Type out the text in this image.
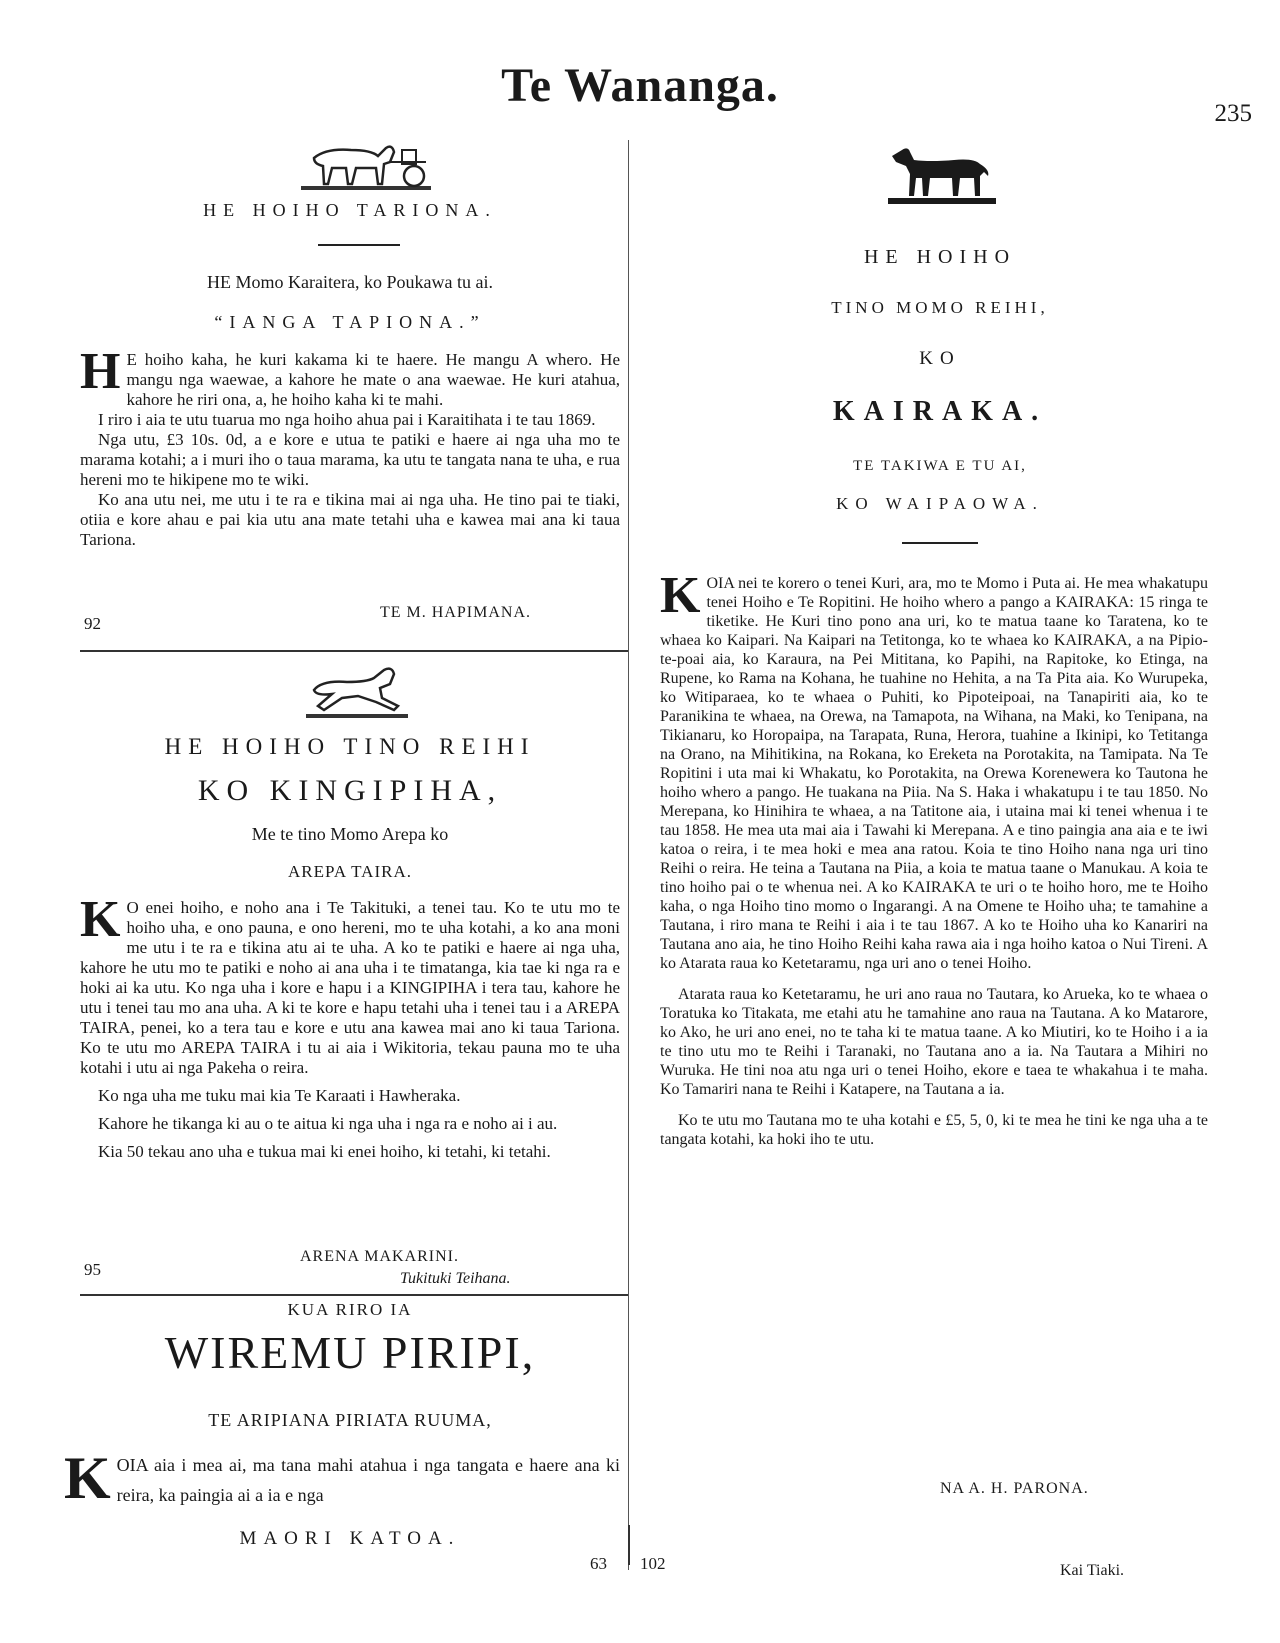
Te Wananga.
235
HE HOIHO TARIONA.
HE Momo Karaitera, ko Poukawa tu ai.
“IANGA TAPIONA.”
H E hoiho kaha, he kuri kakama ki te haere. He mangu A whero. He mangu nga waewae, a kahore he mate o ana waewae. He kuri atahua, kahore he riri ona, a, he hoiho kaha ki te mahi.

I riro i aia te utu tuarua mo nga hoiho ahua pai i Karaitihata i te tau 1869.

Nga utu, £3 10s. 0d, a e kore e utua te patiki e haere ai nga uha mo te marama kotahi; a i muri iho o taua marama, ka utu te tangata nana te uha, e rua hereni mo te hikipene mo te wiki.

Ko ana utu nei, me utu i te ra e tikina mai ai nga uha. He tino pai te tiaki, otiia e kore ahau e pai kia utu ana mate tetahi uha e kawea mai ana ki taua Tariona.

TE M. HAPIMANA.
92
HE HOIHO TINO REIHI
KO KINGIPIHA,
Me te tino Momo Arepa ko
AREPA TAIRA.
K O enei hoiho, e noho ana i Te Takituki, a tenei tau. Ko te utu mo te hoiho uha, e ono pauna, e ono hereni, mo te uha kotahi, a ko ana moni me utu i te ra e tikina atu ai te uha. A ko te patiki e haere ai nga uha, kahore he utu mo te patiki e noho ai ana uha i te timatanga, kia tae ki nga ra e hoki ai ka utu. Ko nga uha i kore e hapu i a KINGIPIHA i tera tau, kahore he utu i tenei tau mo ana uha. A ki te kore e hapu tetahi uha i tenei tau i a AREPA TAIRA, penei, ko a tera tau e kore e utu ana kawea mai ano ki taua Tariona. Ko te utu mo AREPA TAIRA i tu ai aia i Wikitoria, tekau pauna mo te uha kotahi i utu ai nga Pakeha o reira.

Ko nga uha me tuku mai kia Te Karaati i Hawheraka.

Kahore he tikanga ki au o te aitua ki nga uha i nga ra e noho ai i au.

Kia 50 tekau ano uha e tukua mai ki enei hoiho, ki tetahi, ki tetahi.

ARENA MAKARINI.
95	Tukituki Teihana.
KUA RIRO IA
WIREMU PIRIPI,
TE ARIPIANA PIRIATA RUUMA,
K OIA aia i mea ai, ma tana mahi atahua i nga tangata e haere ana ki reira, ka paingia ai a ia e nga

MAORI KATOA.
63
HE HOIHO
TINO MOMO REIHI,
KO
KAIRAKA.
TE TAKIWA E TU AI,
KO WAIPAOWA.
K OIA nei te korero o tenei Kuri, ara, mo te Momo i Puta ai. He mea whakatupu tenei Hoiho e Te Ropitini. He hoiho whero a pango a KAIRAKA: 15 ringa te tiketike. He Kuri tino pono ana uri, ko te matua taane ko Taratena, ko te whaea ko Kaipari. Na Kaipari na Tetitonga, ko te whaea ko KAIRAKA, a na Pipio-te-poai aia, ko Karaura, na Pei Mititana, ko Papihi, na Rapitoke, ko Etinga, na Rupene, ko Rama na Kohana, he tuahine no Hehita, a na Ta Pita aia. Ko Wurupeka, ko Witiparaea, ko te whaea o Puhiti, ko Pipoteipoai, na Tanapiriti aia, ko te Paranikina te whaea, na Orewa, na Tamapota, na Wihana, na Maki, ko Tenipana, na Tikianaru, ko Horopaipa, na Tarapata, Runa, Herora, tuahine a Ikinipi, ko Tetitanga na Orano, na Mihitikina, na Rokana, ko Ereketa na Porotakita, na Tamipata. Na Te Ropitini i uta mai ki Whakatu, ko Porotakita, na Orewa Korenewera ko Tautona he hoiho whero a pango. He tuakana na Piia. Na S. Haka i whakatupu i te tau 1850. No Merepana, ko Hinihira te whaea, a na Tatitone aia, i utaina mai ki tenei whenua i te tau 1858. He mea uta mai aia i Tawahi ki Merepana. A e tino paingia ana aia e te iwi katoa o reira, i te mea hoki e mea ana ratou. Koia te tino Hoiho nana nga uri tino Reihi o reira. He teina a Tautana na Piia, a koia te matua taane o Manukau. A koia te tino hoiho pai o te whenua nei. A ko KAIRAKA te uri o te hoiho horo, me te Hoiho kaha, o nga Hoiho tino momo o Ingarangi. A na Omene te Hoiho uha; te tamahine a Tautana, i riro mana te Reihi i aia i te tau 1867. A ko te Hoiho uha ko Kanariri na Tautana ano aia, he tino Hoiho Reihi kaha rawa aia i nga hoiho katoa o Nui Tireni. A ko Atarata raua ko Ketetaramu, nga uri ano o tenei Hoiho.

Atarata raua ko Ketetaramu, he uri ano raua no Tautara, ko Arueka, ko te whaea o Toratuka ko Titakata, me etahi atu he tamahine ano raua na Tautana. A ko Matarore, ko Ako, he uri ano enei, no te taha ki te matua taane. A ko Miutiri, ko te Hoiho i a ia te tino utu mo te Reihi i Taranaki, no Tautana ano a ia. Na Tautara a Mihiri no Wuruka. He tini noa atu nga uri o tenei Hoiho, ekore e taea te whakahua i te maha. Ko Tamariri nana te Reihi i Katapere, na Tautana a ia.

Ko te utu mo Tautana mo te uha kotahi e £5, 5, 0, ki te mea he tini ke nga uha a te tangata kotahi, ka hoki iho te utu.

NA A. H. PARONA.
102	Kai Tiaki.
